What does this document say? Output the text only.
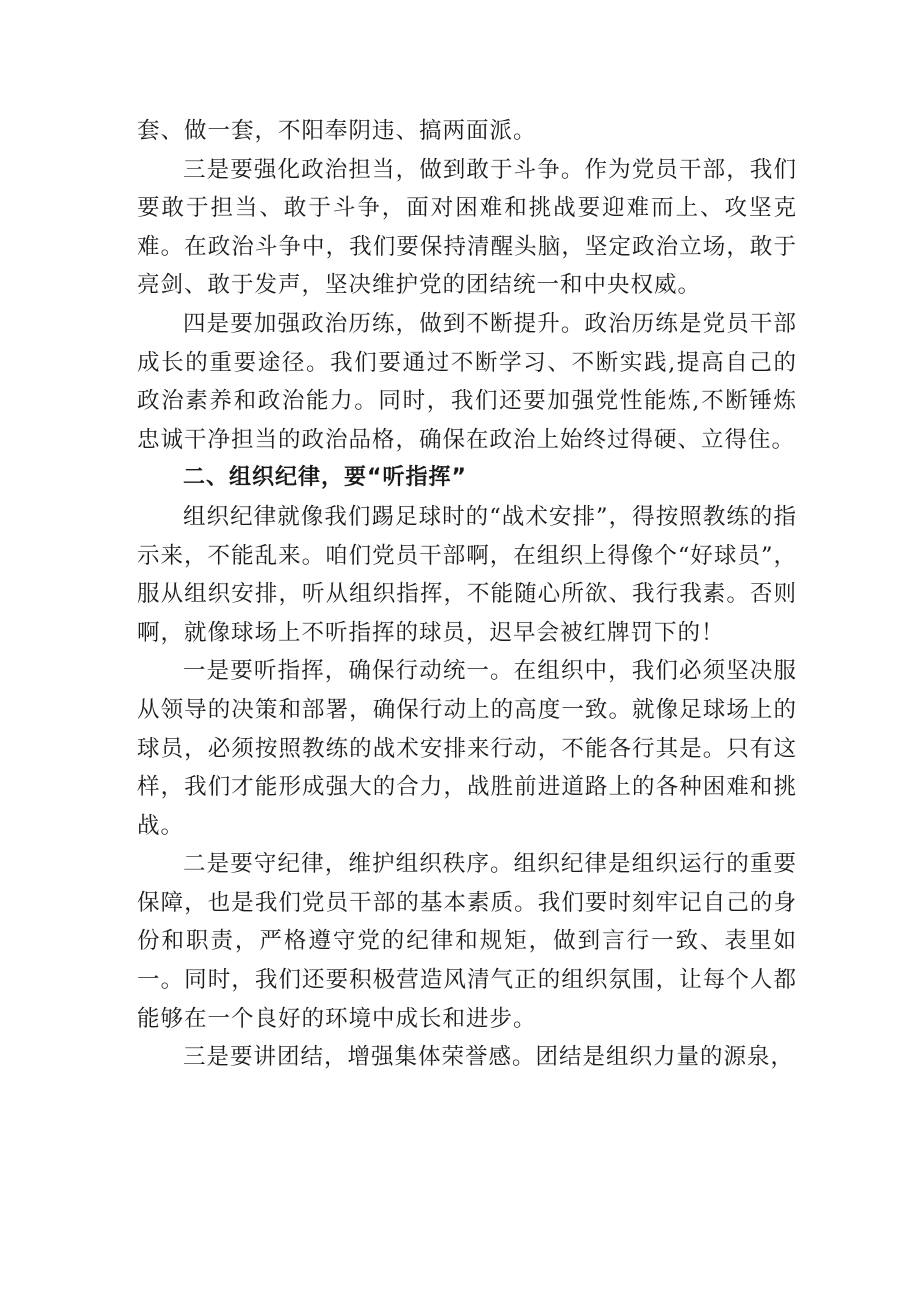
套、做一套，不阳奉阴违、搞两面派。

三是要强化政治担当，做到敢于斗争。作为党员干部，我们要敢于担当、敢于斗争，面对困难和挑战要迎难而上、攻坚克难。在政治斗争中，我们要保持清醒头脑，坚定政治立场，敢于亮剑、敢于发声，坚决维护党的团结统一和中央权威。

四是要加强政治历练，做到不断提升。政治历练是党员干部成长的重要途径。我们要通过不断学习、不断实践,提高自己的政治素养和政治能力。同时，我们还要加强党性能炼,不断锤炼忠诚干净担当的政治品格，确保在政治上始终过得硬、立得住。

二、组织纪律，要“听指挥”

组织纪律就像我们踢足球时的“战术安排”，得按照教练的指示来，不能乱来。咱们党员干部啊，在组织上得像个“好球员”，服从组织安排，听从组织指挥，不能随心所欲、我行我素。否则啊，就像球场上不听指挥的球员，迟早会被红牌罚下的！

一是要听指挥，确保行动统一。在组织中，我们必须坚决服从领导的决策和部署，确保行动上的高度一致。就像足球场上的球员，必须按照教练的战术安排来行动，不能各行其是。只有这样，我们才能形成强大的合力，战胜前进道路上的各种困难和挑战。

二是要守纪律，维护组织秩序。组织纪律是组织运行的重要保障，也是我们党员干部的基本素质。我们要时刻牢记自己的身份和职责，严格遵守党的纪律和规矩，做到言行一致、表里如一。同时，我们还要积极营造风清气正的组织氛围，让每个人都能够在一个良好的环境中成长和进步。

三是要讲团结，增强集体荣誉感。团结是组织力量的源泉，
